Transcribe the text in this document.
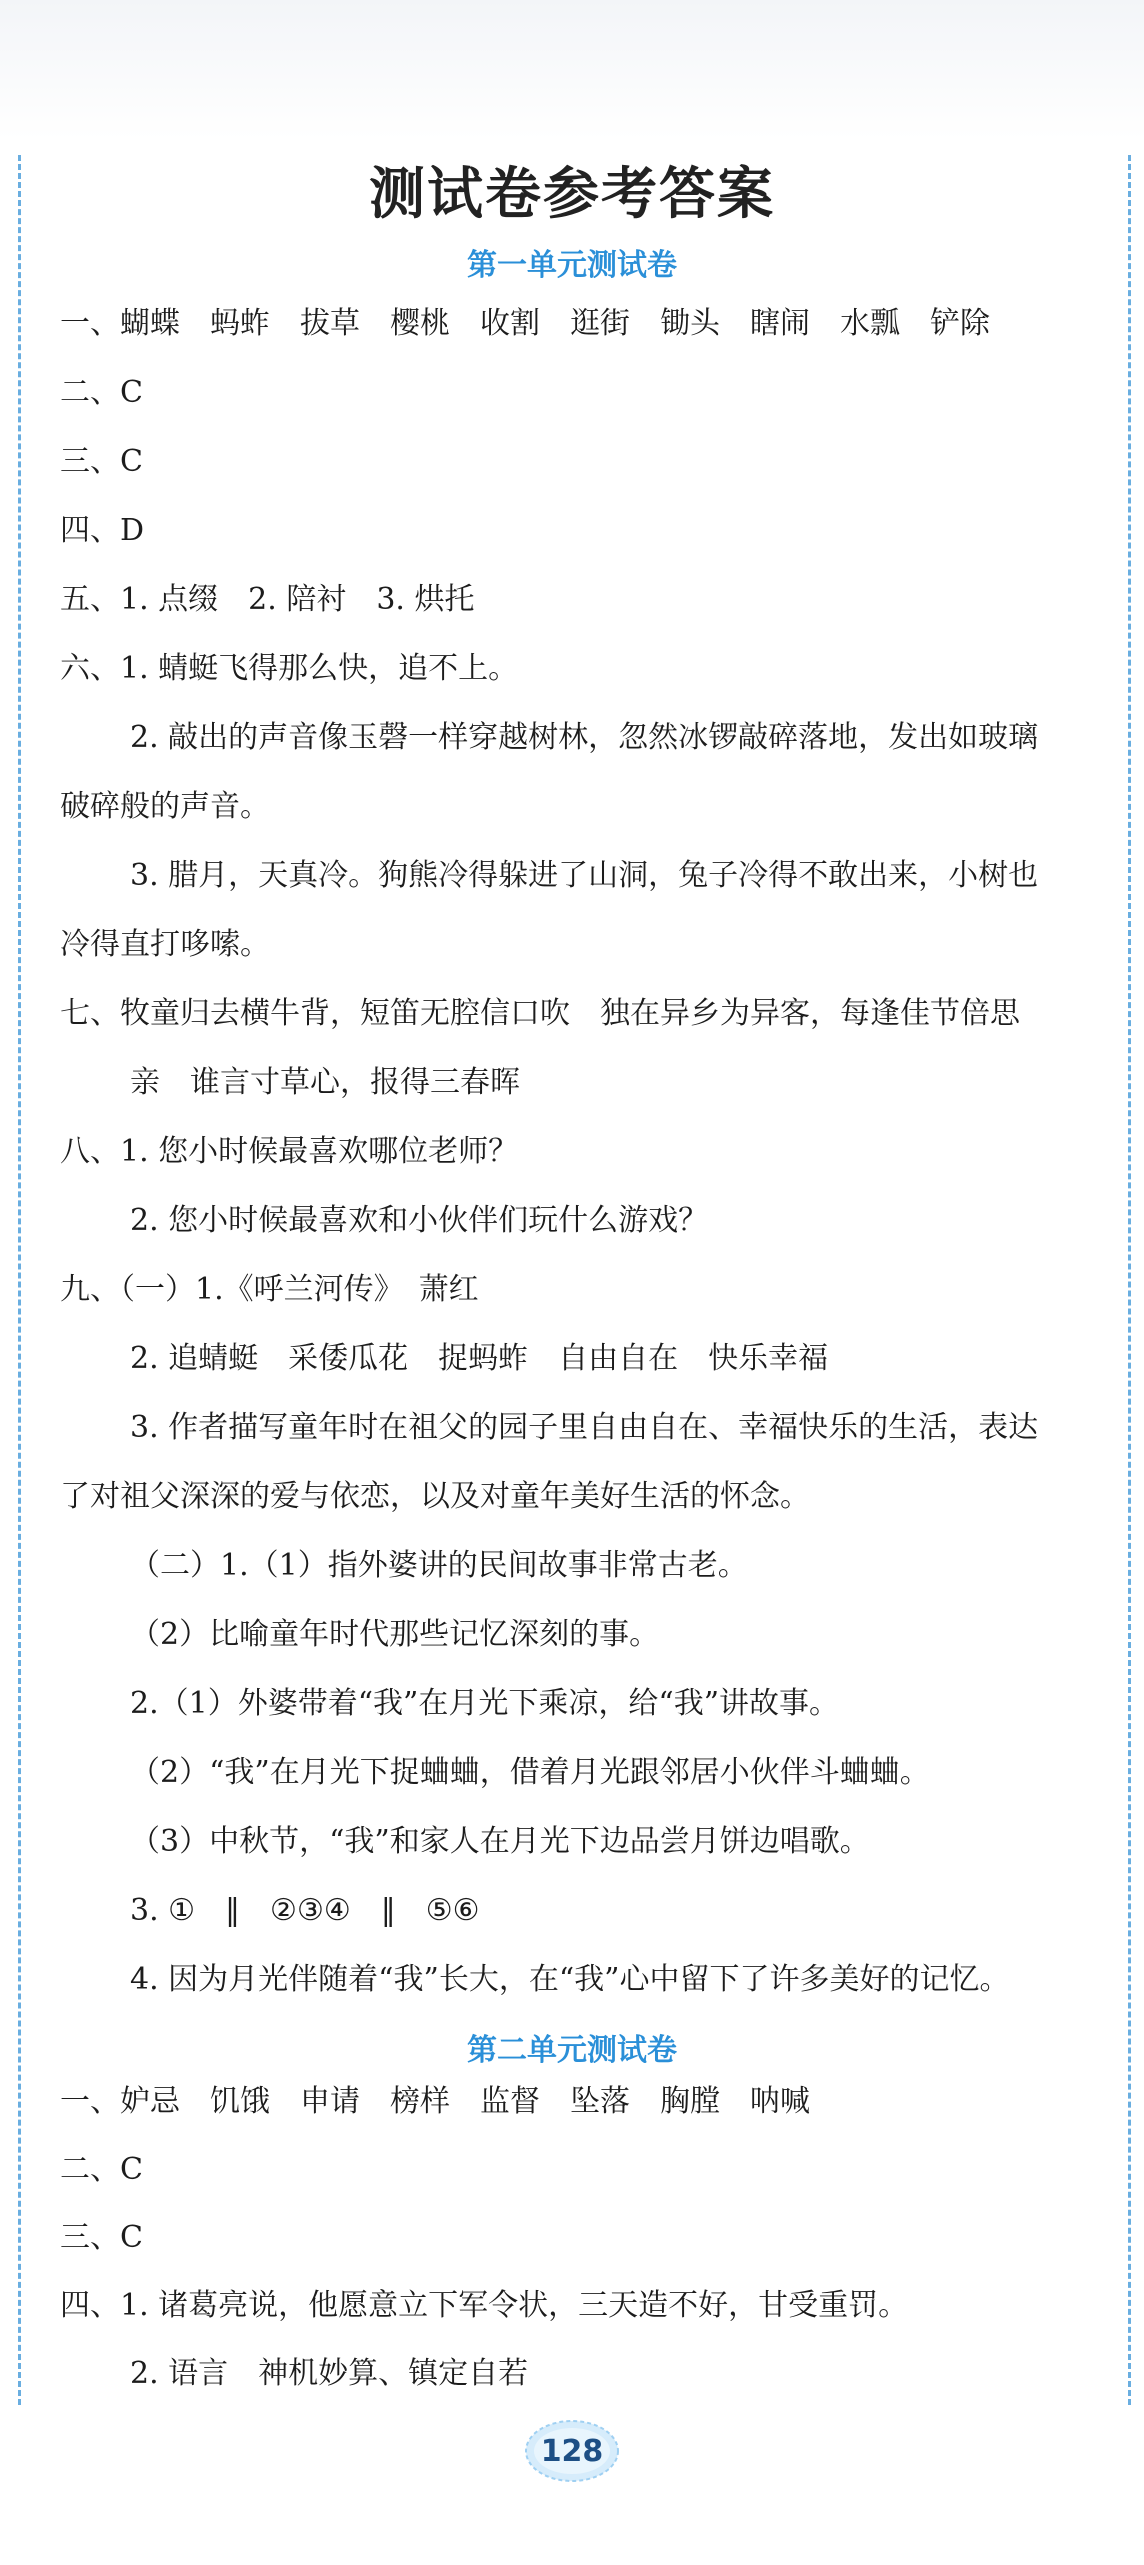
测试卷参考答案
第一单元测试卷
一、蝴蝶　蚂蚱　拔草　樱桃　收割　逛街　锄头　瞎闹　水瓢　铲除
二、C
三、C
四、D
五、1. 点缀　2. 陪衬　3. 烘托
六、1. 蜻蜓飞得那么快，追不上。
2. 敲出的声音像玉磬一样穿越树林，忽然冰锣敲碎落地，发出如玻璃
破碎般的声音。
3. 腊月，天真冷。狗熊冷得躲进了山洞，兔子冷得不敢出来，小树也
冷得直打哆嗦。
七、牧童归去横牛背，短笛无腔信口吹　独在异乡为异客，每逢佳节倍思
亲　谁言寸草心，报得三春晖
八、1. 您小时候最喜欢哪位老师？
2. 您小时候最喜欢和小伙伴们玩什么游戏？
九、（一）1.《呼兰河传》　萧红
2. 追蜻蜓　采倭瓜花　捉蚂蚱　自由自在　快乐幸福
3. 作者描写童年时在祖父的园子里自由自在、幸福快乐的生活，表达
了对祖父深深的爱与依恋，以及对童年美好生活的怀念。
（二）1.（1）指外婆讲的民间故事非常古老。
（2）比喻童年时代那些记忆深刻的事。
2.（1）外婆带着“我”在月光下乘凉，给“我”讲故事。
（2）“我”在月光下捉蛐蛐，借着月光跟邻居小伙伴斗蛐蛐。
（3）中秋节，“我”和家人在月光下边品尝月饼边唱歌。
3. ①　‖　②③④　‖　⑤⑥
4. 因为月光伴随着“我”长大，在“我”心中留下了许多美好的记忆。
第二单元测试卷
一、妒忌　饥饿　申请　榜样　监督　坠落　胸膛　呐喊
二、C
三、C
四、1. 诸葛亮说，他愿意立下军令状，三天造不好，甘受重罚。
2. 语言　神机妙算、镇定自若
128
